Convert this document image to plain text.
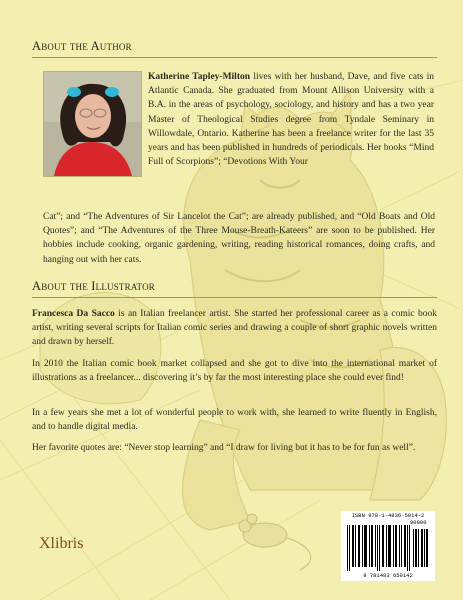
About the Author

Katherine Tapley-Milton lives with her husband, Dave, and five cats in Atlantic Canada. She graduated from Mount Allison University with a B.A. in the areas of psychology, sociology, and history and has a two year Master of Theological Studies degree from Tyndale Seminary in Willowdale, Ontario. Katherine has been a freelance writer for the last 35 years and has been published in hundreds of periodicals. Her books “Mind Full of Scorpions”; “Devotions With Your

Cat”; and “The Adventures of Sir Lancelot the Cat”; are already published, and “Old Boats and Old Quotes”; and “The Adventures of the Three Mouse-Breath-Kateers” are soon to be published. Her hobbies include cooking, organic gardening, writing, reading historical romances, doing crafts, and hanging out with her cats.

About the Illustrator

Francesca Da Sacco is an Italian freelancer artist. She started her professional career as a comic book artist, writing several scripts for Italian comic series and drawing a couple of short graphic novels written and drawn by herself.

In 2010 the Italian comic book market collapsed and she got to dive into the international market of illustrations as a freelancer... discovering it’s by far the most interesting place she could ever find!

In a few years she met a lot of wonderful people to work with, she learned to write fluently in English, and to handle digital media.

Her favorite quotes are: “Never stop learning” and “I draw for living but it has to be for fun as well”.

Xlibris
ISBN 978-1-4836-5014-2
90000
9 781483 650142
